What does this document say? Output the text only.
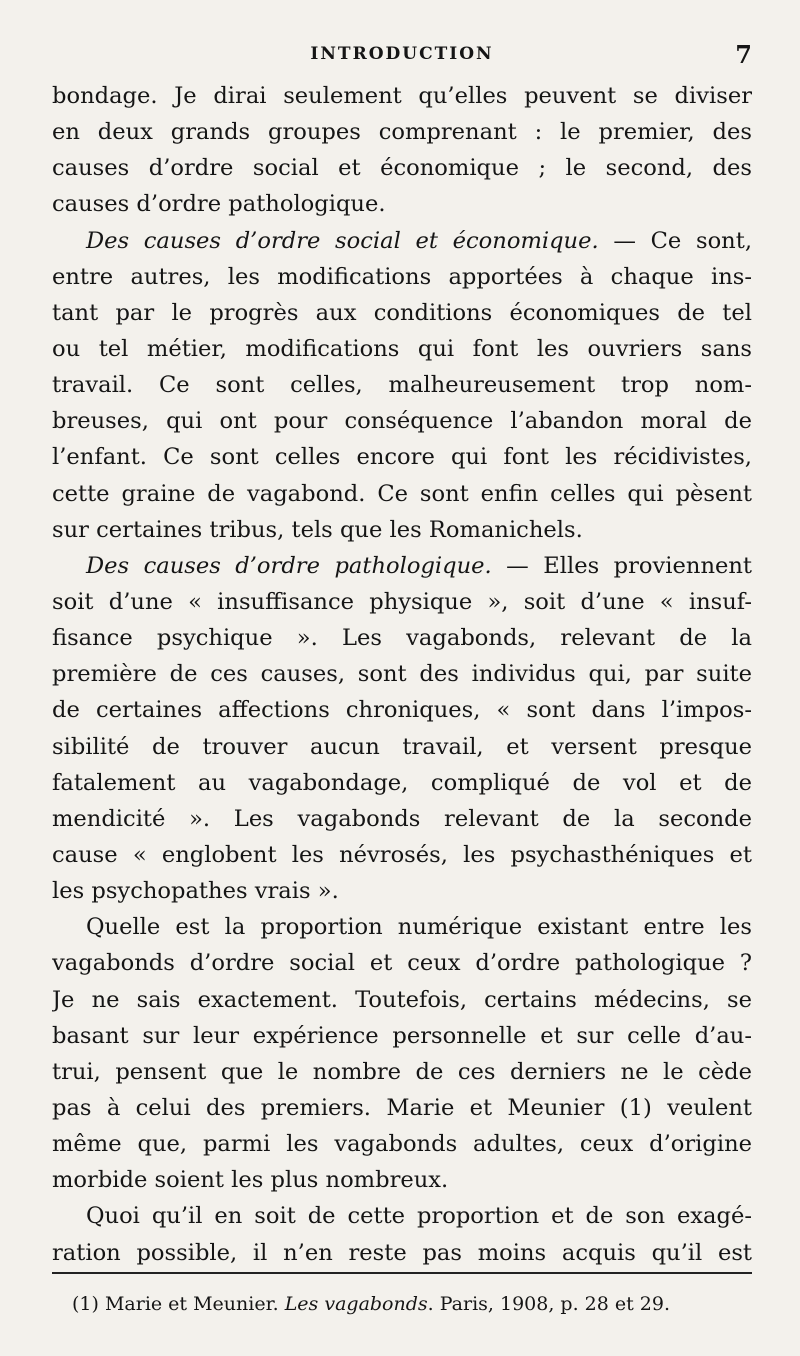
INTRODUCTION	7
bondage. Je dirai seulement qu’elles peuvent se diviser
en deux grands groupes comprenant : le premier, des
causes d’ordre social et économique ; le second, des
causes d’ordre pathologique.
Des causes d’ordre social et économique. — Ce sont,
entre autres, les modifications apportées à chaque ins-
tant par le progrès aux conditions économiques de tel
ou tel métier, modifications qui font les ouvriers sans
travail. Ce sont celles, malheureusement trop nom-
breuses, qui ont pour conséquence l’abandon moral de
l’enfant. Ce sont celles encore qui font les récidivistes,
cette graine de vagabond. Ce sont enfin celles qui pèsent
sur certaines tribus, tels que les Romanichels.
Des causes d’ordre pathologique. — Elles proviennent
soit d’une « insuffisance physique », soit d’une « insuf-
fisance psychique ». Les vagabonds, relevant de la
première de ces causes, sont des individus qui, par suite
de certaines affections chroniques, « sont dans l’impos-
sibilité de trouver aucun travail, et versent presque
fatalement au vagabondage, compliqué de vol et de
mendicité ». Les vagabonds relevant de la seconde
cause « englobent les névrosés, les psychasthéniques et
les psychopathes vrais ».
Quelle est la proportion numérique existant entre les
vagabonds d’ordre social et ceux d’ordre pathologique ?
Je ne sais exactement. Toutefois, certains médecins, se
basant sur leur expérience personnelle et sur celle d’au-
trui, pensent que le nombre de ces derniers ne le cède
pas à celui des premiers. Marie et Meunier (1) veulent
même que, parmi les vagabonds adultes, ceux d’origine
morbide soient les plus nombreux.
Quoi qu’il en soit de cette proportion et de son exagé-
ration possible, il n’en reste pas moins acquis qu’il est
(1) Marie et Meunier. Les vagabonds. Paris, 1908, p. 28 et 29.
